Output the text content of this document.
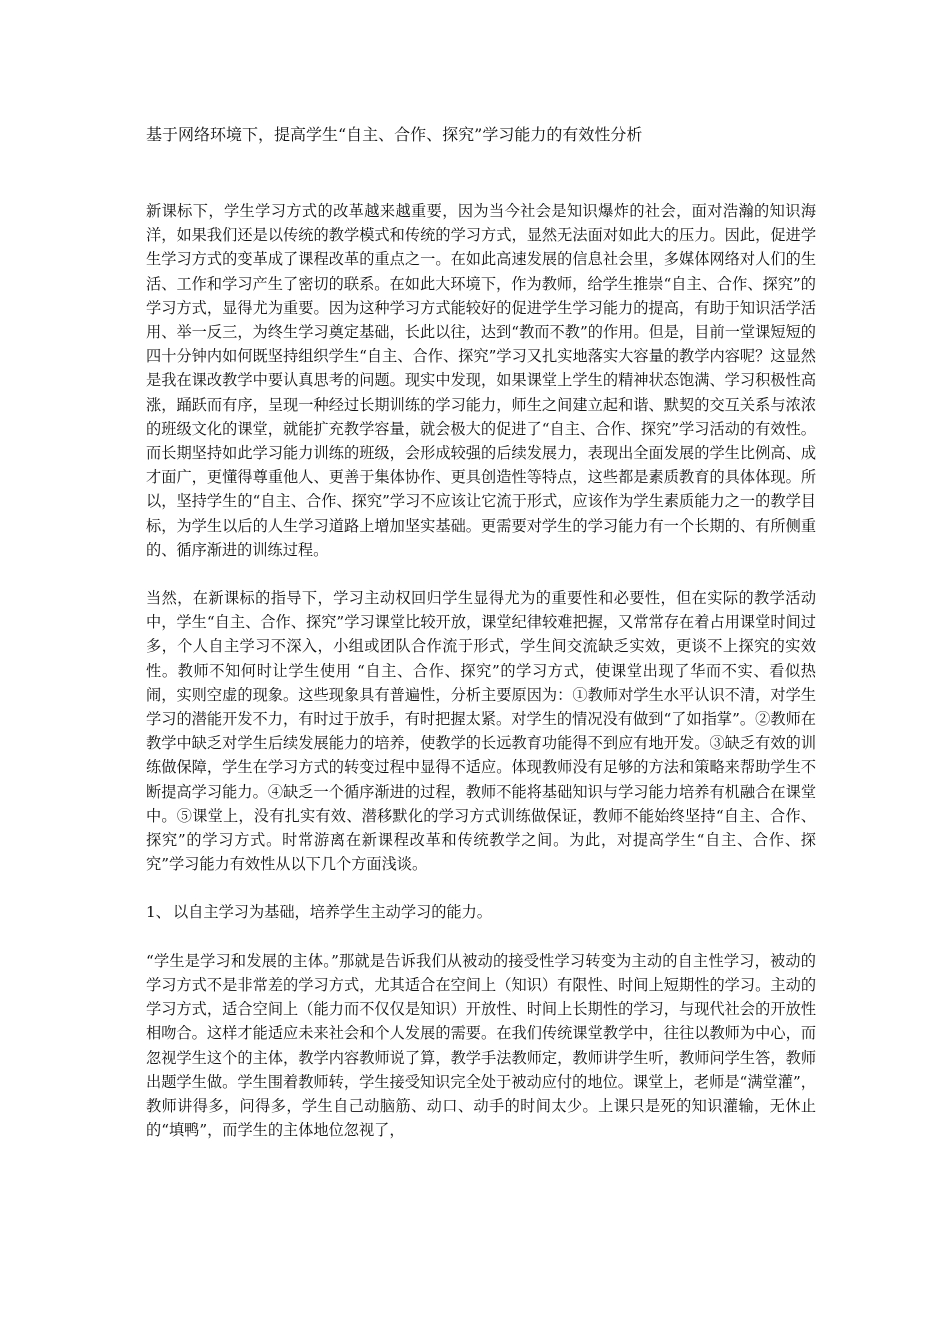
基于网络环境下，提高学生“自主、合作、探究”学习能力的有效性分析

新课标下，学生学习方式的改革越来越重要，因为当今社会是知识爆炸的社会，面对浩瀚的知识海洋，如果我们还是以传统的教学模式和传统的学习方式，显然无法面对如此大的压力。因此，促进学生学习方式的变革成了课程改革的重点之一。在如此高速发展的信息社会里，多媒体网络对人们的生活、工作和学习产生了密切的联系。在如此大环境下，作为教师，给学生推崇“自主、合作、探究”的学习方式，显得尤为重要。因为这种学习方式能较好的促进学生学习能力的提高，有助于知识活学活用、举一反三，为终生学习奠定基础，长此以往，达到“教而不教”的作用。但是，目前一堂课短短的四十分钟内如何既坚持组织学生“自主、合作、探究”学习又扎实地落实大容量的教学内容呢？这显然是我在课改教学中要认真思考的问题。现实中发现，如果课堂上学生的精神状态饱满、学习积极性高涨，踊跃而有序，呈现一种经过长期训练的学习能力，师生之间建立起和谐、默契的交互关系与浓浓的班级文化的课堂，就能扩充教学容量，就会极大的促进了“自主、合作、探究”学习活动的有效性。而长期坚持如此学习能力训练的班级，会形成较强的后续发展力，表现出全面发展的学生比例高、成才面广，更懂得尊重他人、更善于集体协作、更具创造性等特点，这些都是素质教育的具体体现。所以，坚持学生的“自主、合作、探究”学习不应该让它流于形式，应该作为学生素质能力之一的教学目标，为学生以后的人生学习道路上增加坚实基础。更需要对学生的学习能力有一个长期的、有所侧重的、循序渐进的训练过程。

当然，在新课标的指导下，学习主动权回归学生显得尤为的重要性和必要性，但在实际的教学活动中，学生“自主、合作、探究”学习课堂比较开放，课堂纪律较难把握，又常常存在着占用课堂时间过多，个人自主学习不深入，小组或团队合作流于形式，学生间交流缺乏实效，更谈不上探究的实效性。教师不知何时让学生使用 “自主、合作、探究”的学习方式，使课堂出现了华而不实、看似热闹，实则空虚的现象。这些现象具有普遍性，分析主要原因为：①教师对学生水平认识不清，对学生学习的潜能开发不力，有时过于放手，有时把握太紧。对学生的情况没有做到“了如指掌”。②教师在教学中缺乏对学生后续发展能力的培养，使教学的长远教育功能得不到应有地开发。③缺乏有效的训练做保障，学生在学习方式的转变过程中显得不适应。体现教师没有足够的方法和策略来帮助学生不断提高学习能力。④缺乏一个循序渐进的过程，教师不能将基础知识与学习能力培养有机融合在课堂中。⑤课堂上，没有扎实有效、潜移默化的学习方式训练做保证，教师不能始终坚持“自主、合作、探究”的学习方式。时常游离在新课程改革和传统教学之间。为此，对提高学生“自主、合作、探究”学习能力有效性从以下几个方面浅谈。

1、 以自主学习为基础，培养学生主动学习的能力。

“学生是学习和发展的主体。”那就是告诉我们从被动的接受性学习转变为主动的自主性学习，被动的学习方式不是非常差的学习方式，尤其适合在空间上（知识）有限性、时间上短期性的学习。主动的学习方式，适合空间上（能力而不仅仅是知识）开放性、时间上长期性的学习，与现代社会的开放性相吻合。这样才能适应未来社会和个人发展的需要。在我们传统课堂教学中，往往以教师为中心，而忽视学生这个的主体，教学内容教师说了算，教学手法教师定，教师讲学生听，教师问学生答，教师出题学生做。学生围着教师转，学生接受知识完全处于被动应付的地位。课堂上，老师是“满堂灌”，教师讲得多，问得多，学生自己动脑筋、动口、动手的时间太少。上课只是死的知识灌输，无休止的“填鸭”，而学生的主体地位忽视了，
